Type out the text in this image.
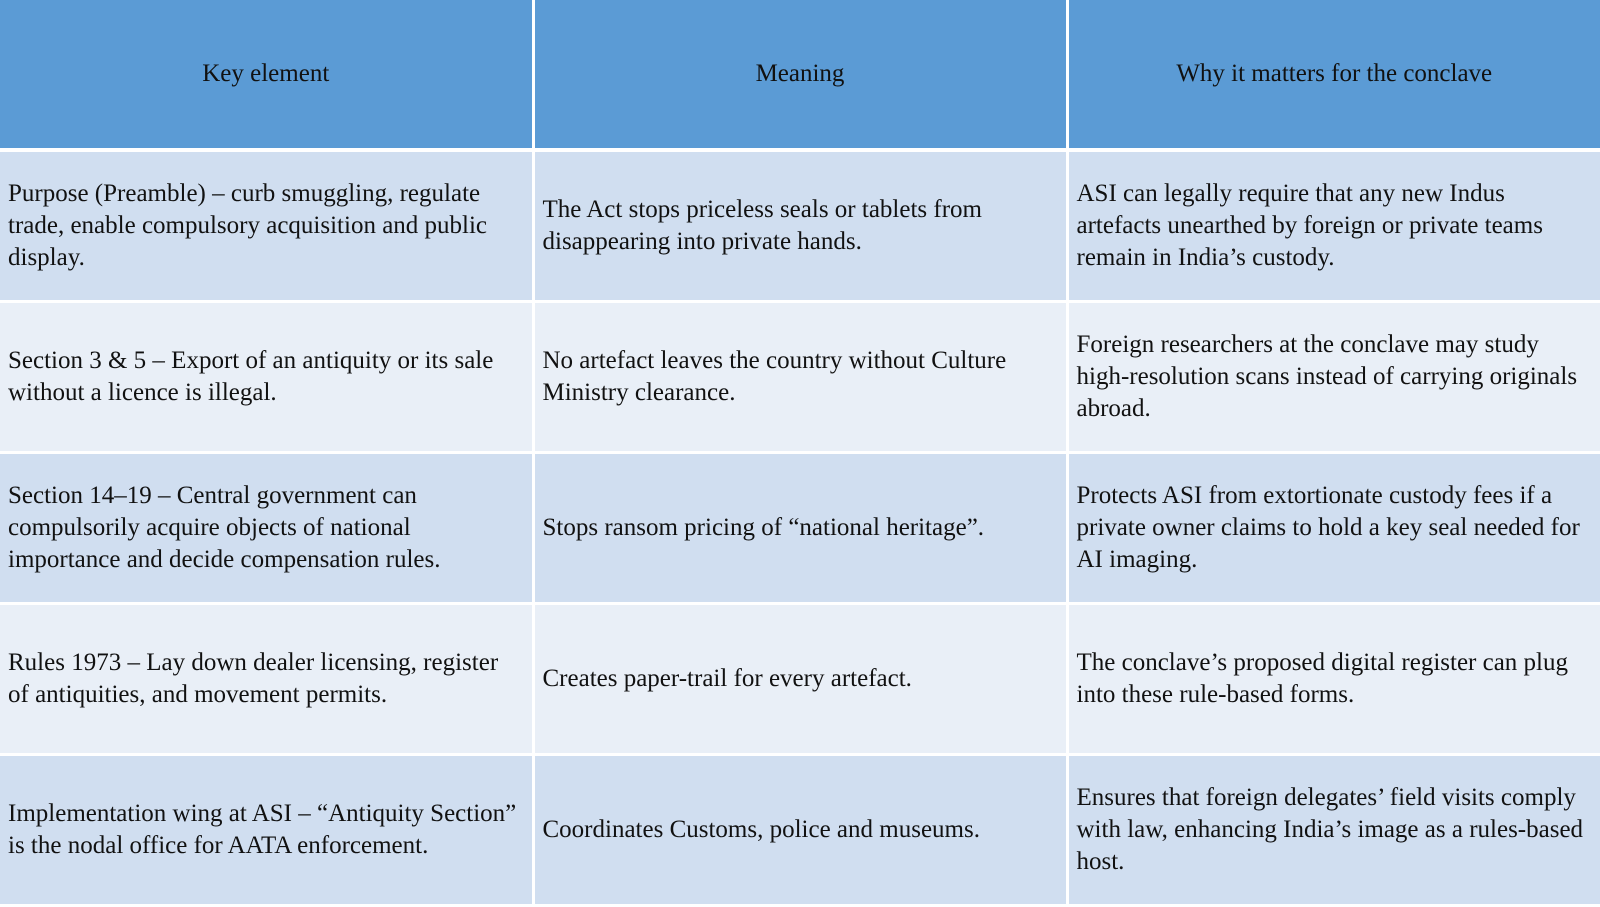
Key element	Meaning	Why it matters for the conclave
Purpose (Preamble) – curb smuggling, regulate trade, enable compulsory acquisition and public display.	The Act stops priceless seals or tablets from disappearing into private hands.	ASI can legally require that any new Indus artefacts unearthed by foreign or private teams remain in India’s custody.
Section 3 & 5 – Export of an antiquity or its sale without a licence is illegal.	No artefact leaves the country without Culture Ministry clearance.	Foreign researchers at the conclave may study high-resolution scans instead of carrying originals abroad.
Section 14–19 – Central government can compulsorily acquire objects of national importance and decide compensation rules.	Stops ransom pricing of “national heritage”.	Protects ASI from extortionate custody fees if a private owner claims to hold a key seal needed for AI imaging.
Rules 1973 – Lay down dealer licensing, register of antiquities, and movement permits.	Creates paper-trail for every artefact.	The conclave’s proposed digital register can plug into these rule-based forms.
Implementation wing at ASI – “Antiquity Section” is the nodal office for AATA enforcement.	Coordinates Customs, police and museums.	Ensures that foreign delegates’ field visits comply with law, enhancing India’s image as a rules-based host.
